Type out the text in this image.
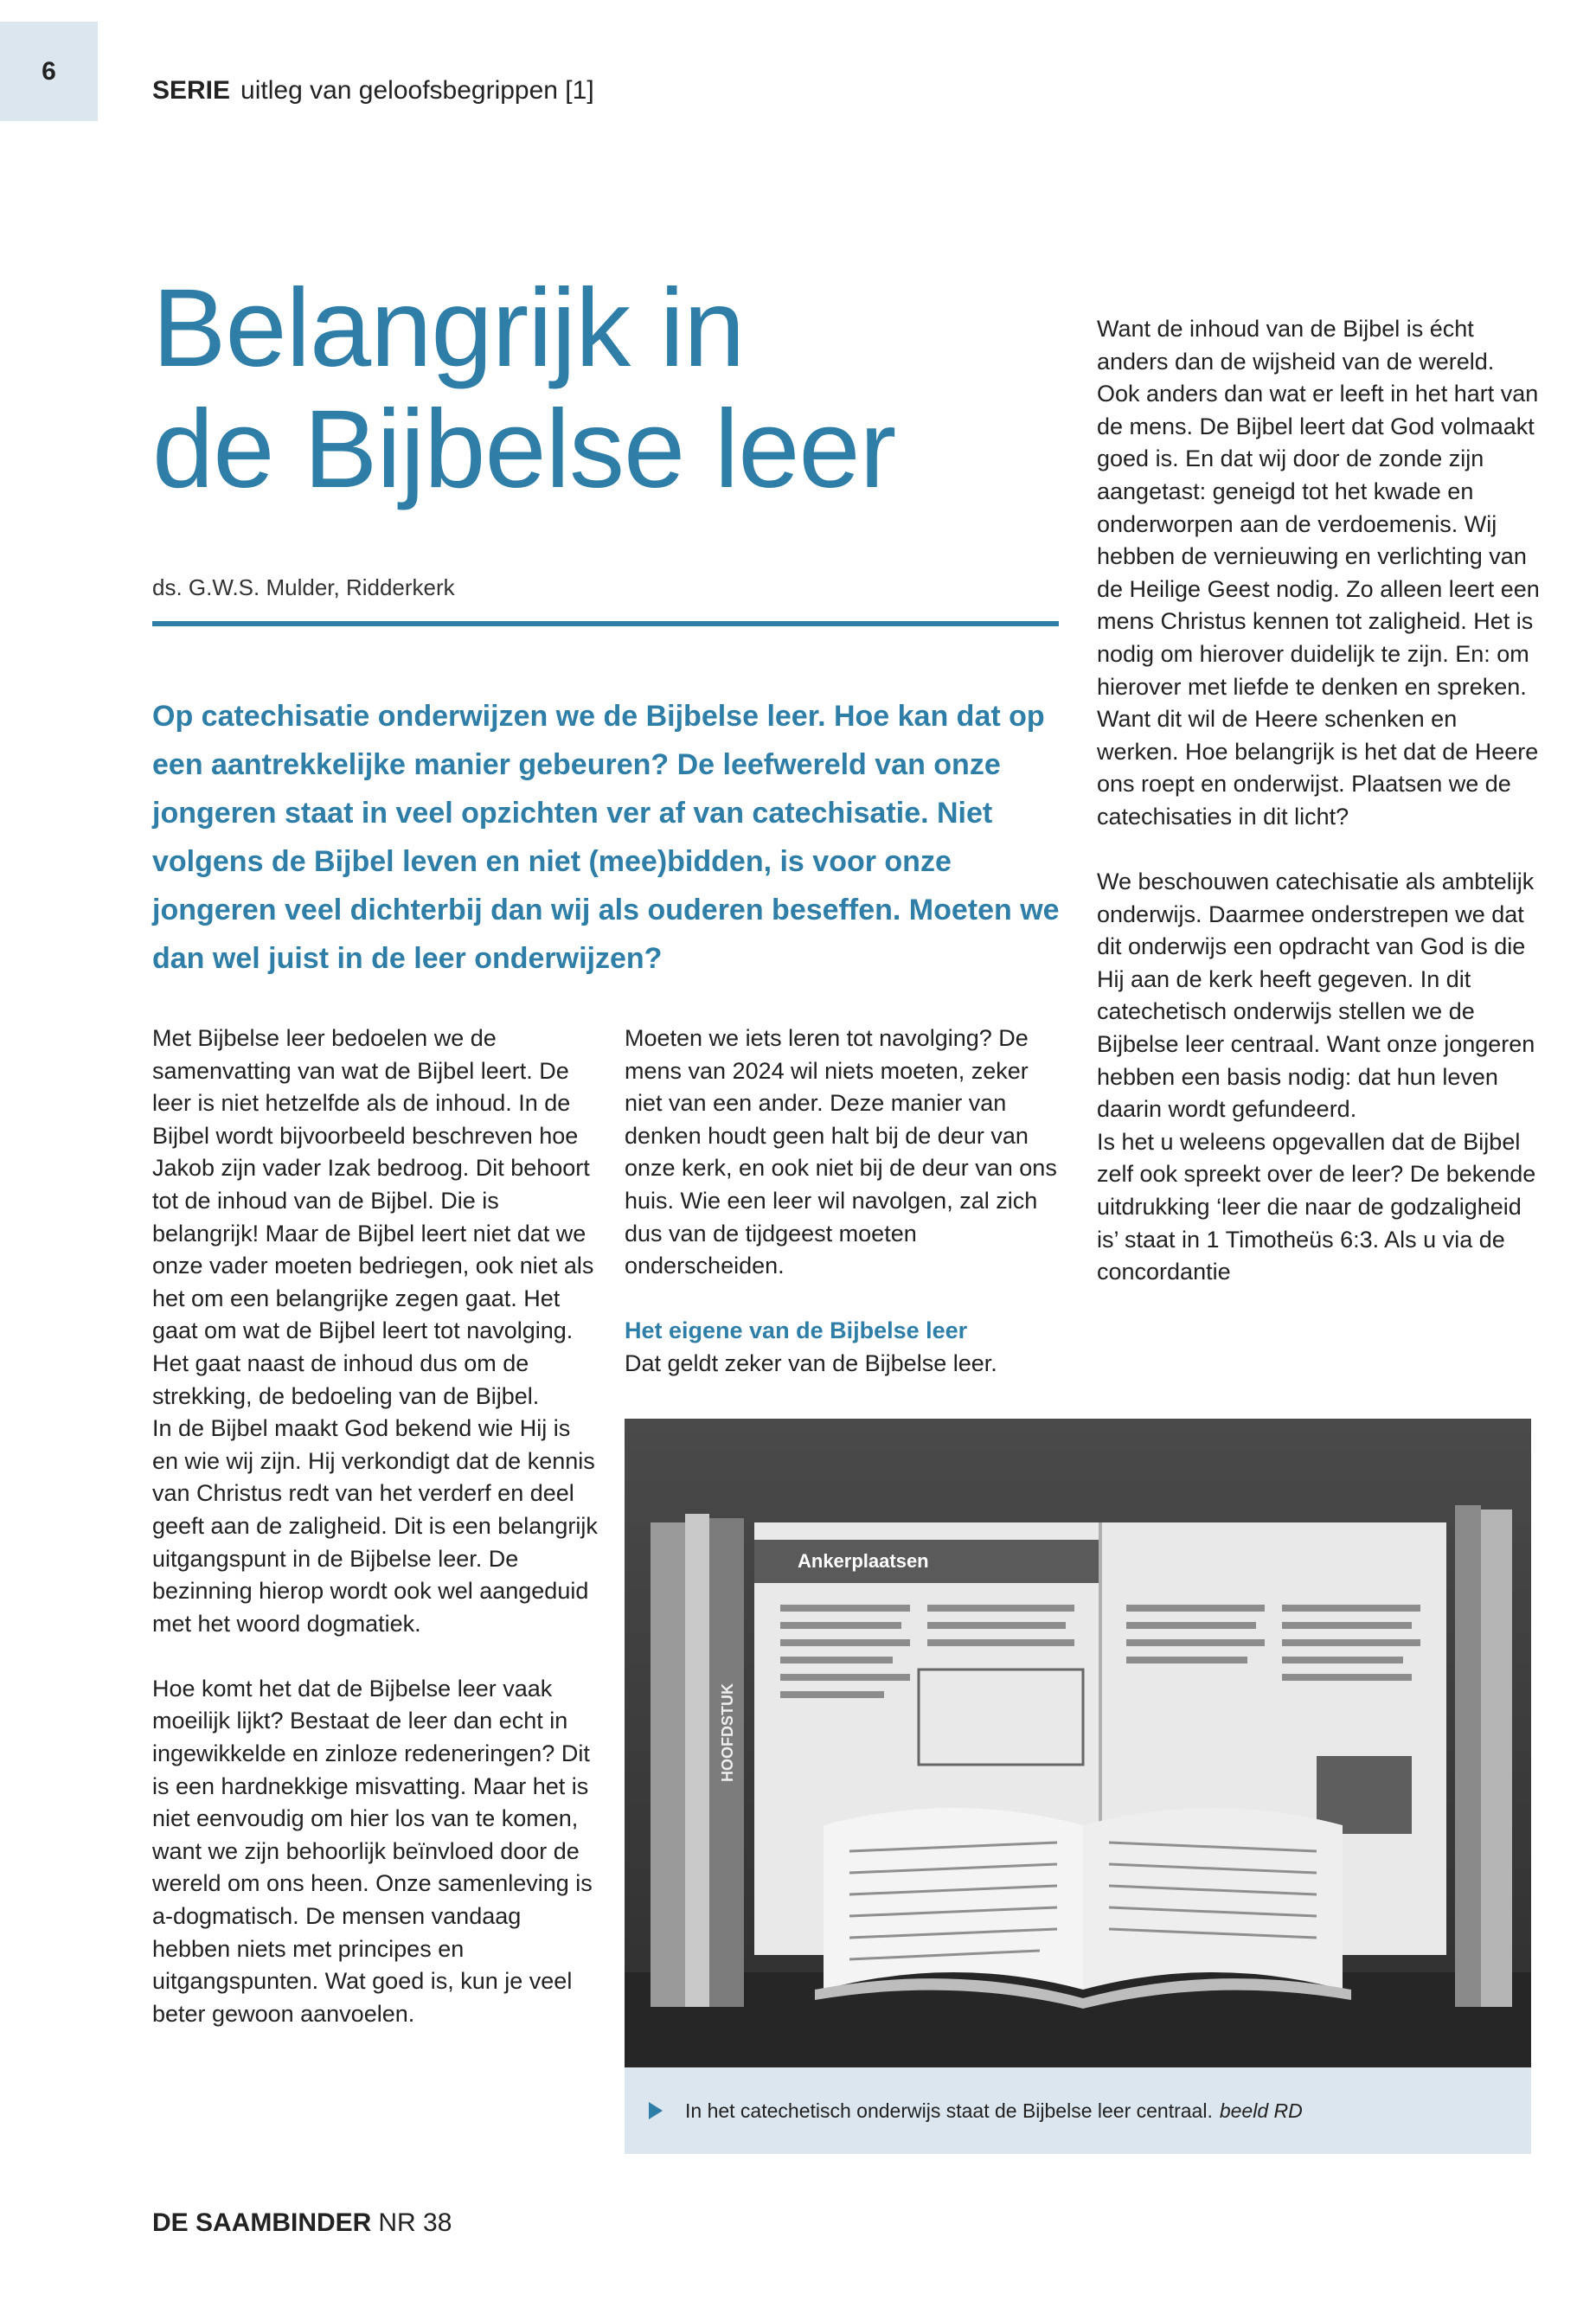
6
SERIE uitleg van geloofsbegrippen [1]
Belangrijk in
de Bijbelse leer
ds. G.W.S. Mulder, Ridderkerk

Op catechisatie onderwijzen we de Bijbelse leer. Hoe kan dat op een aantrekkelijke manier gebeuren? De leefwereld van onze jongeren staat in veel opzichten ver af van catechisatie. Niet volgens de Bijbel leven en niet (mee)bidden, is voor onze jongeren veel dichterbij dan wij als ouderen beseffen. Moeten we dan wel juist in de leer onderwijzen?

Met Bijbelse leer bedoelen we de samenvatting van wat de Bijbel leert. De leer is niet hetzelfde als de inhoud. In de Bijbel wordt bijvoorbeeld beschreven hoe Jakob zijn vader Izak bedroog. Dit behoort tot de inhoud van de Bijbel. Die is belangrijk! Maar de Bijbel leert niet dat we onze vader moeten bedriegen, ook niet als het om een belangrijke zegen gaat. Het gaat om wat de Bijbel leert tot navolging. Het gaat naast de inhoud dus om de strekking, de bedoeling van de Bijbel.

In de Bijbel maakt God bekend wie Hij is en wie wij zijn. Hij verkondigt dat de kennis van Christus redt van het verderf en deel geeft aan de zaligheid. Dit is een belangrijk uitgangspunt in de Bijbelse leer. De bezinning hierop wordt ook wel aangeduid met het woord dogmatiek.

Hoe komt het dat de Bijbelse leer vaak moeilijk lijkt? Bestaat de leer dan echt in ingewikkelde en zinloze redeneringen? Dit is een hardnekkige misvatting. Maar het is niet eenvoudig om hier los van te komen, want we zijn behoorlijk beïnvloed door de wereld om ons heen. Onze samenleving is a-dogmatisch. De mensen vandaag hebben niets met principes en uitgangspunten. Wat goed is, kun je veel beter gewoon aanvoelen.

Moeten we iets leren tot navolging? De mens van 2024 wil niets moeten, zeker niet van een ander. Deze manier van denken houdt geen halt bij de deur van onze kerk, en ook niet bij de deur van ons huis. Wie een leer wil navolgen, zal zich dus van de tijdgeest moeten onderscheiden.

Het eigene van de Bijbelse leer

Dat geldt zeker van de Bijbelse leer.

Want de inhoud van de Bijbel is écht anders dan de wijsheid van de wereld. Ook anders dan wat er leeft in het hart van de mens. De Bijbel leert dat God volmaakt goed is. En dat wij door de zonde zijn aangetast: geneigd tot het kwade en onderworpen aan de verdoemenis. Wij hebben de vernieuwing en verlichting van de Heilige Geest nodig. Zo alleen leert een mens Christus kennen tot zaligheid. Het is nodig om hierover duidelijk te zijn. En: om hierover met liefde te denken en spreken. Want dit wil de Heere schenken en werken. Hoe belangrijk is het dat de Heere ons roept en onderwijst. Plaatsen we de catechisaties in dit licht?

We beschouwen catechisatie als ambtelijk onderwijs. Daarmee onderstrepen we dat dit onderwijs een opdracht van God is die Hij aan de kerk heeft gegeven. In dit catechetisch onderwijs stellen we de Bijbelse leer centraal. Want onze jongeren hebben een basis nodig: dat hun leven daarin wordt gefundeerd.

Is het u weleens opgevallen dat de Bijbel zelf ook spreekt over de leer? De bekende uitdrukking ‘leer die naar de godzaligheid is’ staat in 1 Timotheüs 6:3. Als u via de concordantie

HOOFDSTUK
Ankerplaatsen
In het catechetisch onderwijs staat de Bijbelse leer centraal. beeld RD
DE SAAMBINDER NR 38
